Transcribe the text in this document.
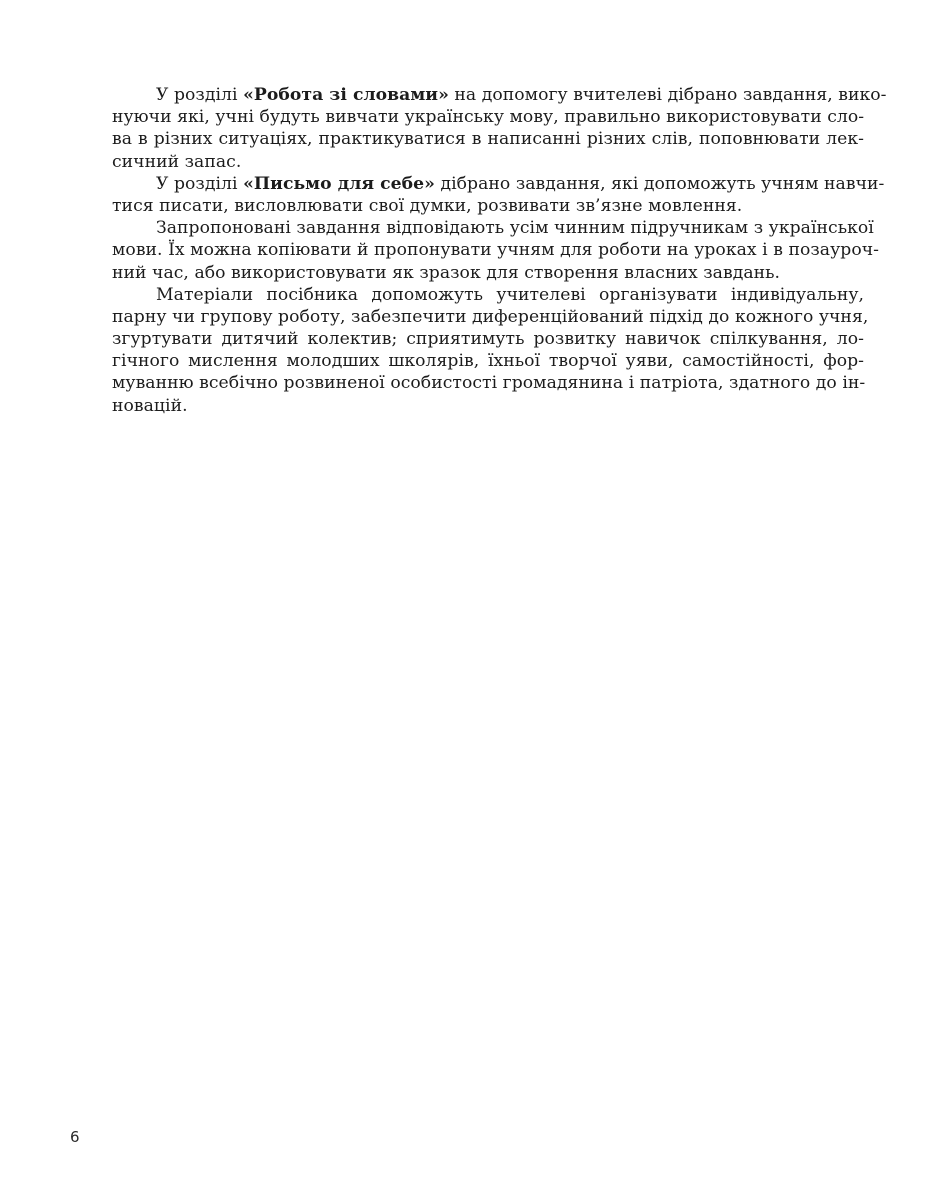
У розділі «Робота зі словами» на допомогу вчителеві дібрано завдання, вико-
нуючи які, учні будуть вивчати українську мову, правильно використовувати сло-
ва в різних ситуаціях, практикуватися в написанні різних слів, поповнювати лек-
сичний запас.
У розділі «Письмо для себе» дібрано завдання, які допоможуть учням навчи-
тися писати, висловлювати свої думки, розвивати зв’язне мовлення.
Запропоновані завдання відповідають усім чинним підручникам з української
мови. Їх можна копіювати й пропонувати учням для роботи на уроках і в позауроч-
ний час, або використовувати як зразок для створення власних завдань.
Матеріали посібника допоможуть учителеві організувати індивідуальну,
парну чи групову роботу, забезпечити диференційований підхід до кожного учня,
згуртувати дитячий колектив; сприятимуть розвитку навичок спілкування, ло-
гічного мислення молодших школярів, їхньої творчої уяви, самостійності, фор-
муванню всебічно розвиненої особистості громадянина і патріота, здатного до ін-
новацій.
6
